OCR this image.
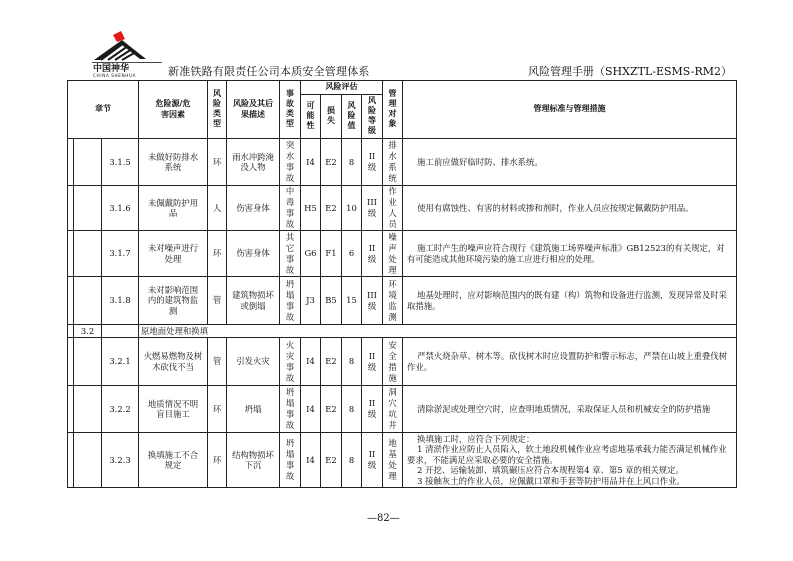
中国神华
CHINA SHENHUA	新准铁路有限责任公司本质安全管理体系	风险管理手册（SHXZTL-ESMS-RM2）
章节			危险源/危害因素	风险类型	风险及其后果描述	事故类型	风险评估				管理对象	管理标准与管理措施
							可能性	损失	风险值	风险等级		
		3.1.5	未做好防排水系统	环	雨水冲跨淹没人物	突水事故	I4	E2	8	II级	排水系统	施工前应做好临时防、排水系统。

		3.1.6	未佩戴防护用品	人	伤害身体	中毒事故	H5	E2	10	III级	作业人员	使用有腐蚀性、有害的材料或掺和剂时，作业人员应按规定佩戴防护用品。

		3.1.7	未对噪声进行处理	环	伤害身体	其它事故	G6	F1	6	II级	噪声处理	施工时产生的噪声应符合现行《建筑施工场界噪声标准》GB12523的有关规定，对有可能造成其他环境污染的施工应进行相应的处理。

		3.1.8	未对影响范围内的建筑物监测	管	建筑物损坏或倒塌	坍塌事故	J3	B5	15	III级	环境监测	地基处理时，应对影响范围内的既有建（构）筑物和设备进行监测，发现异常及时采取措施。

	3.2		原地面处理和换填									
		3.2.1	火燃易燃物及树木砍伐不当	管	引发火灾	火灾事故	I4	E2	8	II级	安全措施	严禁火烧杂草、树木等。砍伐树木时应设置防护和警示标志，严禁在山坡上重叠伐树作业。

		3.2.2	地质情况不明盲目施工	环	坍塌	坍塌事故	I4	E2	8	II级	洞穴坑井	清除淤泥或处理空穴时，应查明地质情况，采取保证人员和机械安全的防护措施

		3.2.3	换填施工不合规定	环	结构物损坏下沉	坍塌事故	I4	E2	8	II级	地基处理	换填施工时，应符合下列规定：

1 清淤作业应防止人员陷入，软土地段机械作业应考虑地基承载力能否满足机械作业要求，不能满足应采取必要的安全措施。

2 开挖、运输装卸、填筑碾压应符合本规程第4 章、第5 章的相关规定。

3 接触灰土的作业人员，应佩戴口罩和手套等防护用品并在上风口作业。

—82—
